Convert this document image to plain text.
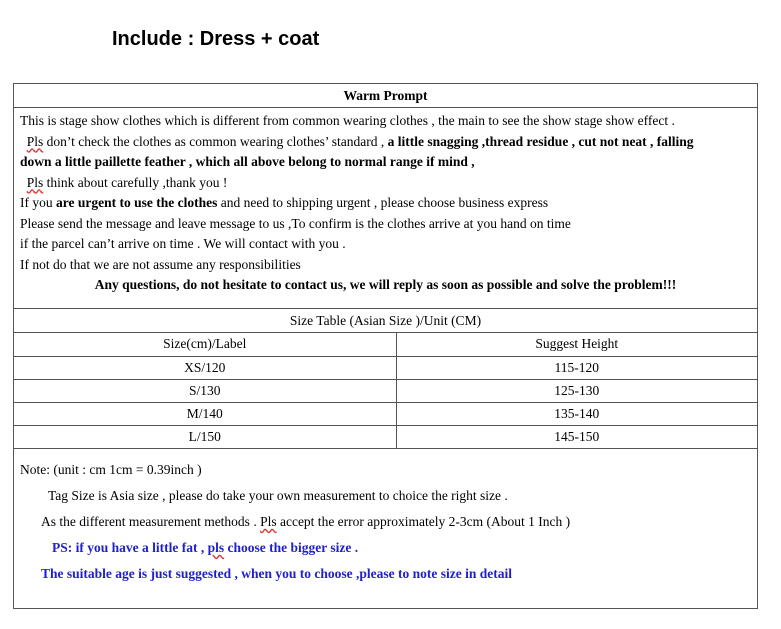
Include : Dress + coat
Warm Prompt
This is stage show clothes which is different from common wearing clothes , the main to see the show stage show effect .
Pls don’t check the clothes as common wearing clothes’ standard , a little snagging ,thread residue , cut not neat , falling
down a little paillette feather , which all above belong to normal range if mind ,
Pls think about carefully ,thank you !
If you are urgent to use the clothes and need to shipping urgent , please choose business express
Please send the message and leave message to us ,To confirm is the clothes arrive at you hand on time
if the parcel can’t arrive on time . We will contact with you .
If not do that we are not assume any responsibilities
Any questions, do not hesitate to contact us, we will reply as soon as possible and solve the problem!!!
Size Table (Asian Size )/Unit (CM)
Size(cm)/Label	Suggest Height
XS/120	115-120
S/130	125-130
M/140	135-140
L/150	145-150
Note: (unit : cm 1cm = 0.39inch )
Tag Size is Asia size , please do take your own measurement to choice the right size .
As the different measurement methods . Pls accept the error approximately 2-3cm (About 1 Inch )
PS: if you have a little fat , pls choose the bigger size .
The suitable age is just suggested , when you to choose ,please to note size in detail
